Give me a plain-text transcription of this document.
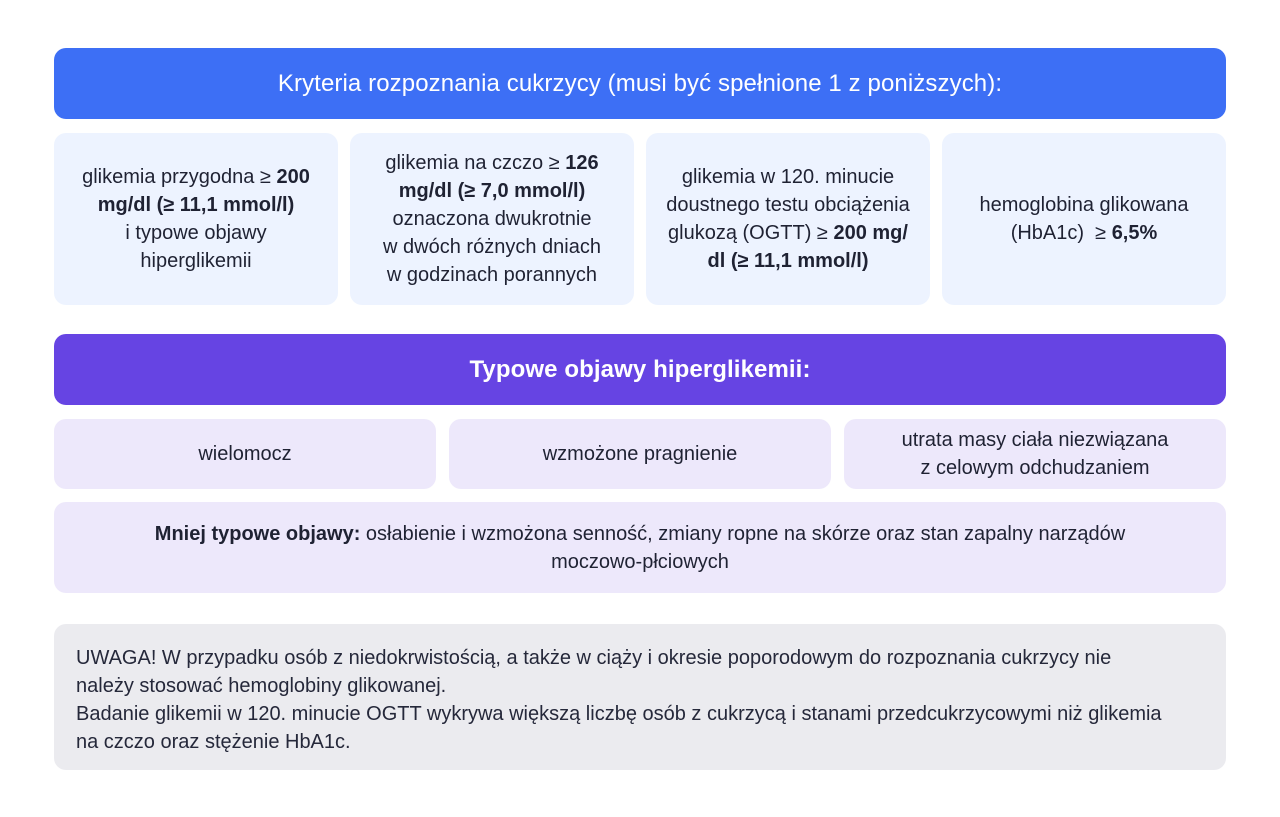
Kryteria rozpoznania cukrzycy (musi być spełnione 1 z poniższych):
glikemia przygodna ≥ 200
mg/dl (≥ 11,1 mmol/l)
i typowe objawy
hiperglikemii
glikemia na czczo ≥ 126
mg/dl (≥ 7,0 mmol/l)
oznaczona dwukrotnie
w dwóch różnych dniach
w godzinach porannych
glikemia w 120. minucie
doustnego testu obciążenia
glukozą (OGTT) ≥ 200 mg/
dl (≥ 11,1 mmol/l)
hemoglobina glikowana
(HbA1c)  ≥ 6,5%
Typowe objawy hiperglikemii:
wielomocz	wzmożone pragnienie
utrata masy ciała niezwiązana
z celowym odchudzaniem
Mniej typowe objawy: osłabienie i wzmożona senność, zmiany ropne na skórze oraz stan zapalny narządów
moczowo-płciowych
UWAGA! W przypadku osób z niedokrwistością, a także w ciąży i okresie poporodowym do rozpoznania cukrzycy nie
należy stosować hemoglobiny glikowanej.
Badanie glikemii w 120. minucie OGTT wykrywa większą liczbę osób z cukrzycą i stanami przedcukrzycowymi niż glikemia
na czczo oraz stężenie HbA1c.
